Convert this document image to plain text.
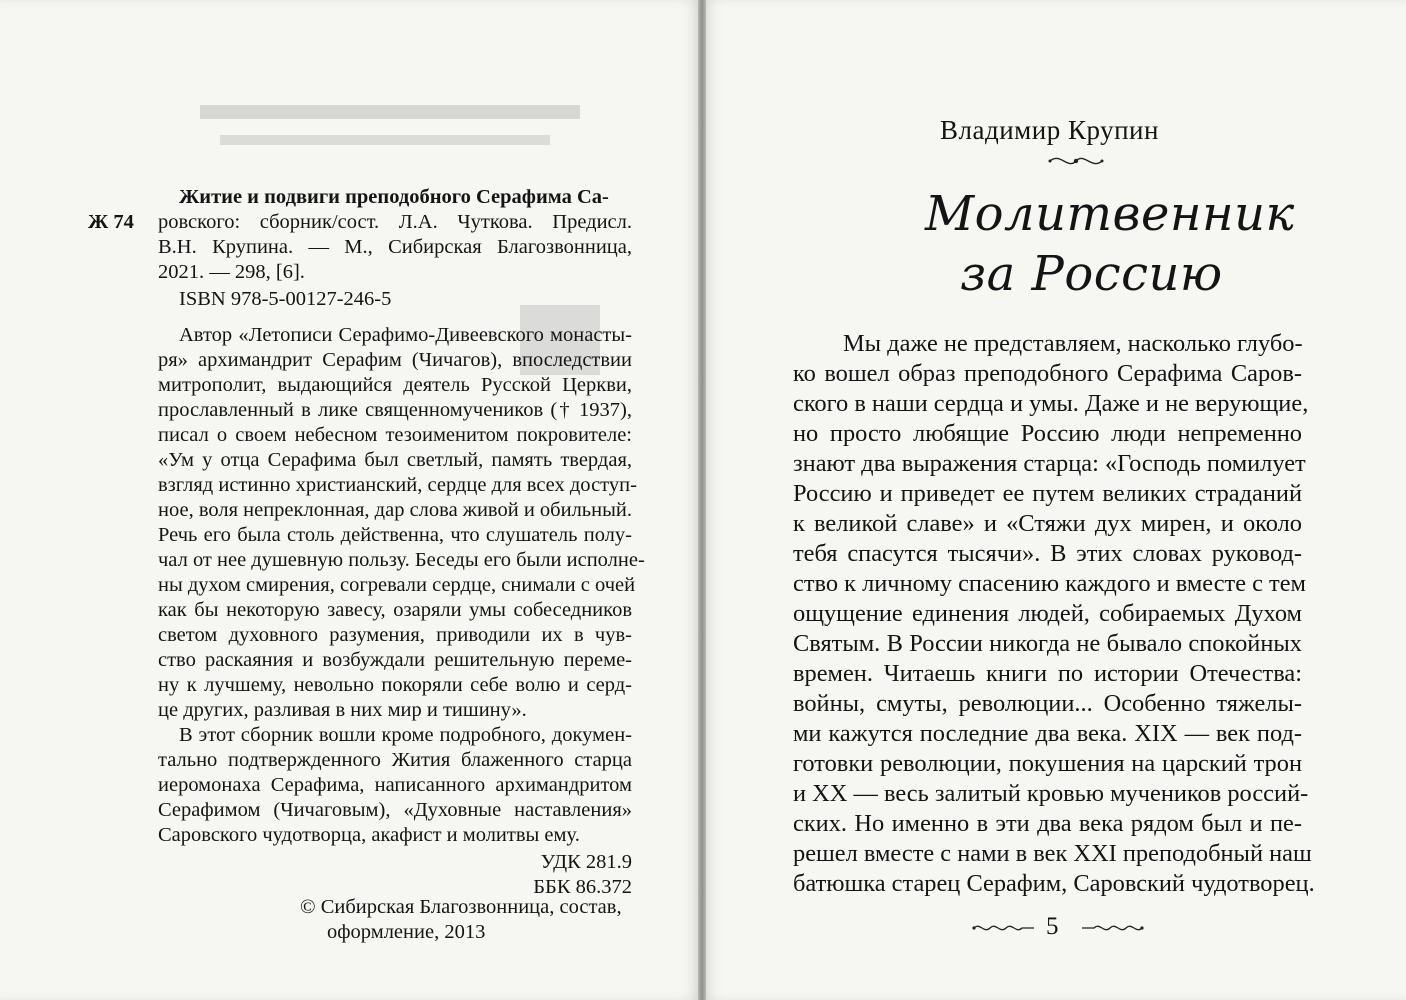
Ж 74
Житие и подвиги преподобного Серафима Са-
ровского: сборник/сост. Л.А. Чуткова. Предисл.
В.Н. Крупина. — М., Сибирская Благозвонница,
2021. — 298, [6].
ISBN 978-5-00127-246-5
Автор «Летописи Серафимо-Дивеевского монасты-
ря» архимандрит Серафим (Чичагов), впоследствии
митрополит, выдающийся деятель Русской Церкви,
прославленный в лике священномучеников († 1937),
писал о своем небесном тезоименитом покровителе:
«Ум у отца Серафима был светлый, память твердая,
взгляд истинно христианский, сердце для всех доступ-
ное, воля непреклонная, дар слова живой и обильный.
Речь его была столь действенна, что слушатель полу-
чал от нее душевную пользу. Беседы его были исполне-
ны духом смирения, согревали сердце, снимали с очей
как бы некоторую завесу, озаряли умы собеседников
светом духовного разумения, приводили их в чув-
ство раскаяния и возбуждали решительную переме-
ну к лучшему, невольно покоряли себе волю и серд-
це других, разливая в них мир и тишину».
В этот сборник вошли кроме подробного, докумен-
тально подтвержденного Жития блаженного старца
иеромонаха Серафима, написанного архимандритом
Серафимом (Чичаговым), «Духовные наставления»
Саровского чудотворца, акафист и молитвы ему.
УДК 281.9
ББК 86.372
© Сибирская Благозвонница, состав,
оформление, 2013
Владимир Крупин
Молитвенник
за Россию
Мы даже не представляем, насколько глубо-
ко вошел образ преподобного Серафима Саров-
ского в наши сердца и умы. Даже и не верующие,
но просто любящие Россию люди непременно
знают два выражения старца: «Господь помилует
Россию и приведет ее путем великих страданий
к великой славе» и «Стяжи дух мирен, и около
тебя спасутся тысячи». В этих словах руковод-
ство к личному спасению каждого и вместе с тем
ощущение единения людей, собираемых Духом
Святым. В России никогда не бывало спокойных
времен. Читаешь книги по истории Отечества:
войны, смуты, революции... Особенно тяжелы-
ми кажутся последние два века. XIX — век под-
готовки революции, покушения на царский трон
и XX — весь залитый кровью мучеников россий-
ских. Но именно в эти два века рядом был и пе-
решел вместе с нами в век XXI преподобный наш
батюшка старец Серафим, Саровский чудотворец.
5
